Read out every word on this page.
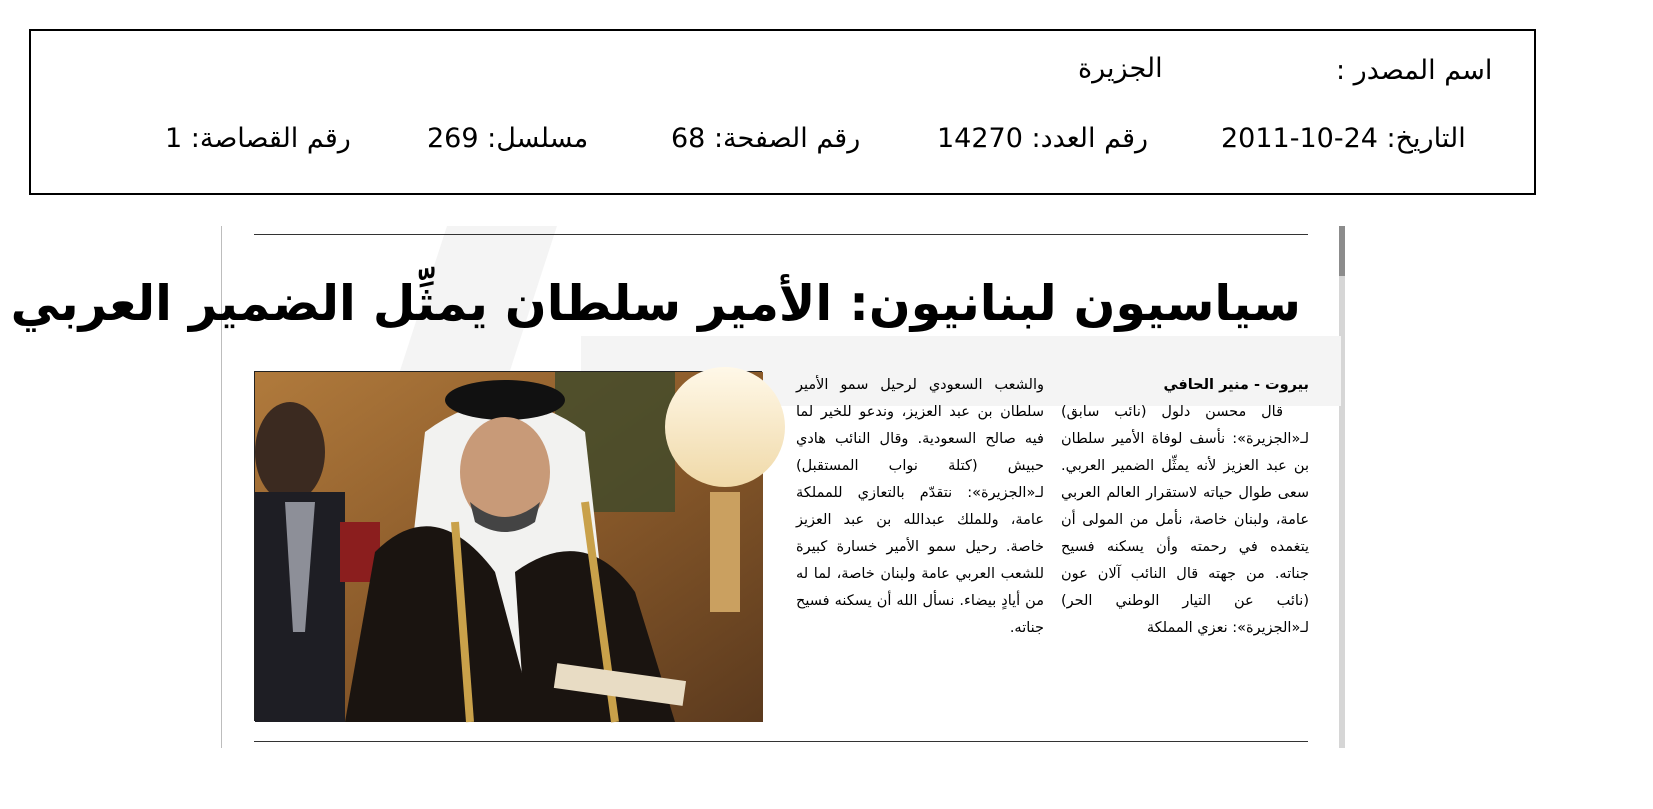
اسم المصدر :
الجزيرة
التاريخ: 24-10-2011
رقم العدد: 14270
رقم الصفحة: 68
مسلسل: 269
رقم القصاصة: 1
سياسيون لبنانيون: الأمير سلطان يمثِّل الضمير العربي

بيروت - منير الحافي

قال محسن دلول (نائب سابق) لـ«الجزيرة»: نأسف لوفاة الأمير سلطان بن عبد العزيز لأنه يمثِّل الضمير العربي. سعى طوال حياته لاستقرار العالم العربي عامة، ولبنان خاصة، نأمل من المولى أن يتغمده في رحمته وأن يسكنه فسيح جناته. من جهته قال النائب آلان عون (نائب عن التيار الوطني الحر) لـ«الجزيرة»: نعزي المملكة

والشعب السعودي لرحيل سمو الأمير سلطان بن عبد العزيز، وندعو للخير لما فيه صالح السعودية. وقال النائب هادي حبيش (كتلة نواب المستقبل) لـ«الجزيرة»: نتقدّم بالتعازي للمملكة عامة، وللملك عبدالله بن عبد العزيز خاصة. رحيل سمو الأمير خسارة كبيرة للشعب العربي عامة ولبنان خاصة، لما له من أيادٍ بيضاء. نسأل الله أن يسكنه فسيح جناته.
